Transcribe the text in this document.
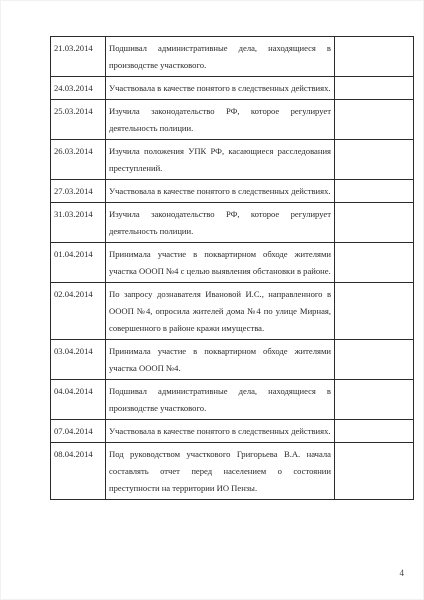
21.03.2014	Подшивал административные дела, находящиеся в производстве участкового.	
24.03.2014	Участвовала в качестве понятого в следственных действиях.	
25.03.2014	Изучила законодательство РФ, которое регулирует деятельность полиции.	
26.03.2014	Изучила положения УПК РФ, касающиеся расследования преступлений.	
27.03.2014	Участвовала в качестве понятого в следственных действиях.	
31.03.2014	Изучила законодательство РФ, которое регулирует деятельность полиции.	
01.04.2014	Принимала участие в поквартирном обходе жителями участка ОООП №4 с целью выявления обстановки в районе.	
02.04.2014	По запросу дознавателя Ивановой И.С., направленного в ОООП №4, опросила жителей дома №4 по улице Мирная, совершенного в районе кражи имущества.	
03.04.2014	Принимала участие в поквартирном обходе жителями участка ОООП №4.	
04.04.2014	Подшивал административные дела, находящиеся в производстве участкового.	
07.04.2014	Участвовала в качестве понятого в следственных действиях.	
08.04.2014	Под руководством участкового Григорьева В.А. начала составлять отчет перед населением о состоянии преступности на территории ИО Пензы.	
4
